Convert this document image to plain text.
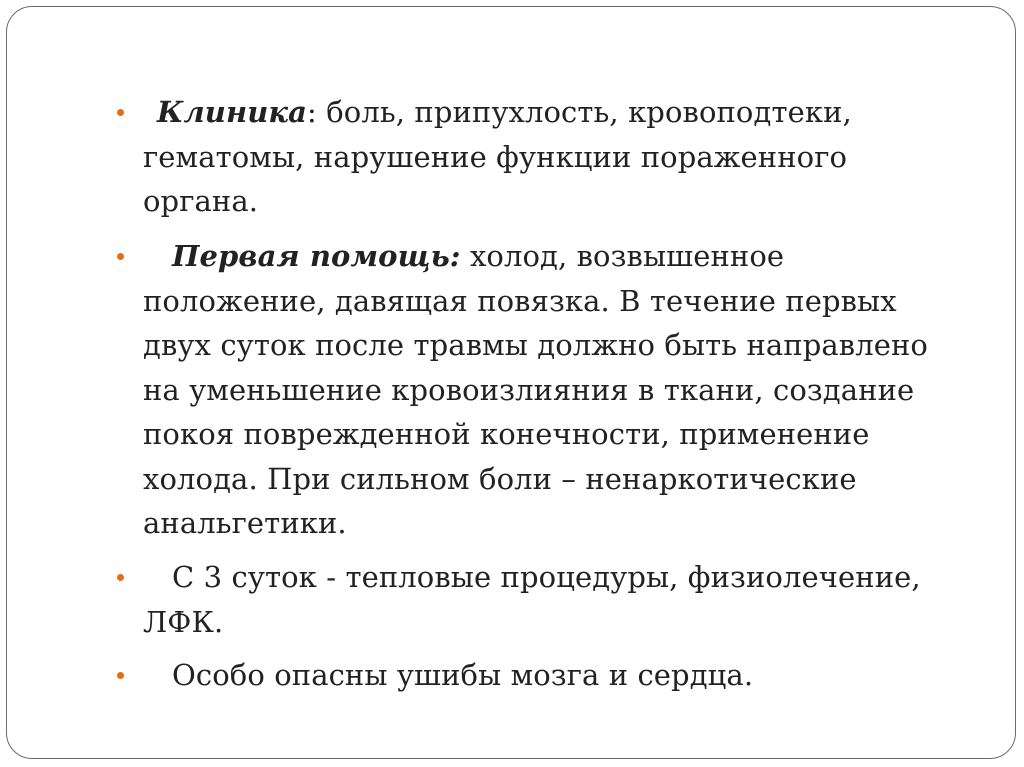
Клиника: боль, припухлость, кровоподтеки, гематомы, нарушение функции пораженного органа.
Первая помощь: холод, возвышенное положение, давящая повязка. В течение первых двух суток после травмы должно быть направлено на уменьшение кровоизлияния в ткани, создание покоя поврежденной конечности, применение холода. При сильном боли – ненаркотические анальгетики.
С 3 суток - тепловые процедуры, физиолечение, ЛФК.
Особо опасны ушибы мозга и сердца.
